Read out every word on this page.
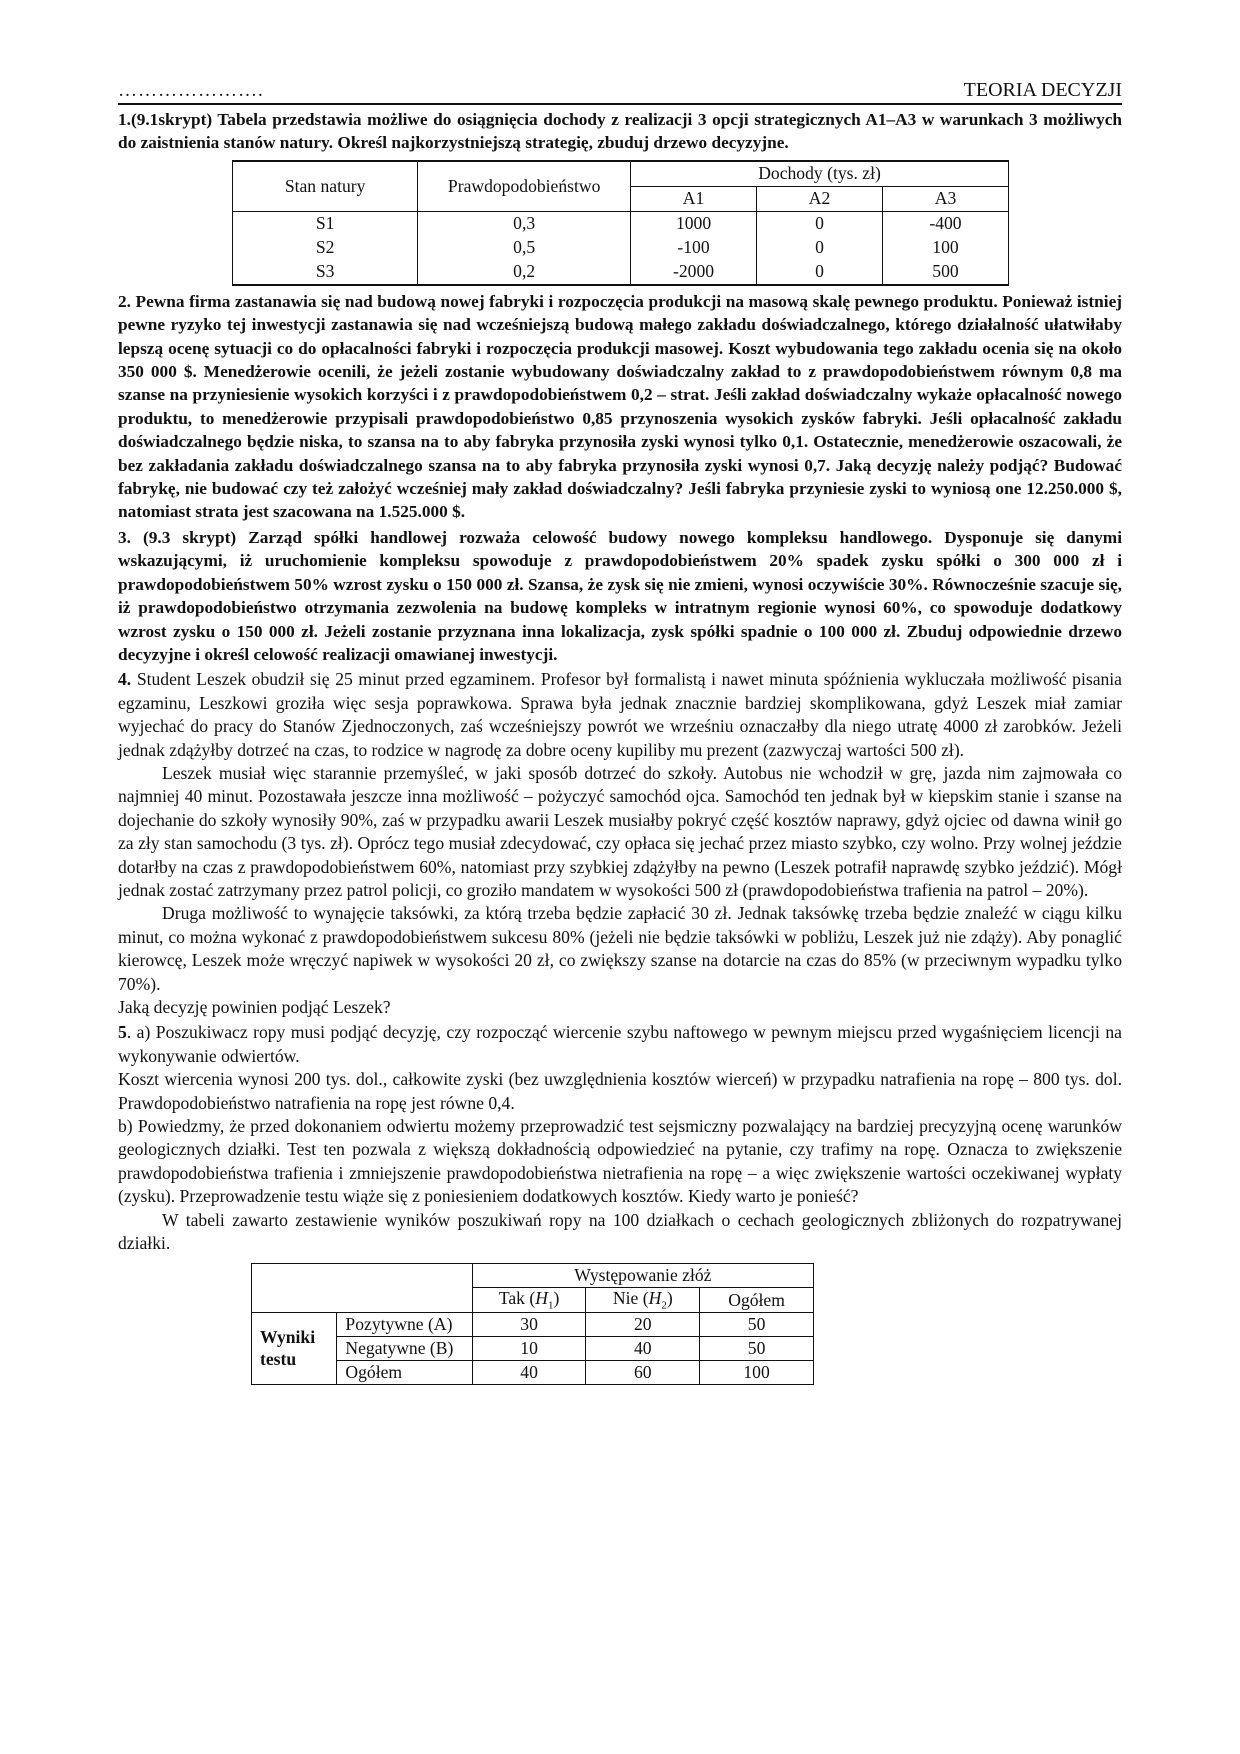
………………….	TEORIA DECYZJI

1.(9.1skrypt) Tabela przedstawia możliwe do osiągnięcia dochody z realizacji 3 opcji strategicznych A1–A3 w warunkach 3 możliwych do zaistnienia stanów natury. Określ najkorzystniejszą strategię, zbuduj drzewo decyzyjne.

Stan natury	Prawdopodobieństwo	Dochody (tys. zł)		
		A1	A2	A3
S1	0,3	1000	0	-400
S2	0,5	-100	0	100
S3	0,2	-2000	0	500

2. Pewna firma zastanawia się nad budową nowej fabryki i rozpoczęcia produkcji na masową skalę pewnego produktu. Ponieważ istniej pewne ryzyko tej inwestycji zastanawia się nad wcześniejszą budową małego zakładu doświadczalnego, którego działalność ułatwiłaby lepszą ocenę sytuacji co do opłacalności fabryki i rozpoczęcia produkcji masowej. Koszt wybudowania tego zakładu ocenia się na około 350 000 $. Menedżerowie ocenili, że jeżeli zostanie wybudowany doświadczalny zakład to z prawdopodobieństwem równym 0,8 ma szanse na przyniesienie wysokich korzyści i z prawdopodobieństwem 0,2 – strat. Jeśli zakład doświadczalny wykaże opłacalność nowego produktu, to menedżerowie przypisali prawdopodobieństwo 0,85 przynoszenia wysokich zysków fabryki. Jeśli opłacalność zakładu doświadczalnego będzie niska, to szansa na to aby fabryka przynosiła zyski wynosi tylko 0,1. Ostatecznie, menedżerowie oszacowali, że bez zakładania zakładu doświadczalnego szansa na to aby fabryka przynosiła zyski wynosi 0,7. Jaką decyzję należy podjąć? Budować fabrykę, nie budować czy też założyć wcześniej mały zakład doświadczalny? Jeśli fabryka przyniesie zyski to wyniosą one 12.250.000 $, natomiast strata jest szacowana na 1.525.000 $.

3. (9.3 skrypt) Zarząd spółki handlowej rozważa celowość budowy nowego kompleksu handlowego. Dysponuje się danymi wskazującymi, iż uruchomienie kompleksu spowoduje z prawdopodobieństwem 20% spadek zysku spółki o 300 000 zł i prawdopodobieństwem 50% wzrost zysku o 150 000 zł. Szansa, że zysk się nie zmieni, wynosi oczywiście 30%. Równocześnie szacuje się, iż prawdopodobieństwo otrzymania zezwolenia na budowę kompleks w intratnym regionie wynosi 60%, co spowoduje dodatkowy wzrost zysku o 150 000 zł. Jeżeli zostanie przyznana inna lokalizacja, zysk spółki spadnie o 100 000 zł. Zbuduj odpowiednie drzewo decyzyjne i określ celowość realizacji omawianej inwestycji.

4. Student Leszek obudził się 25 minut przed egzaminem. Profesor był formalistą i nawet minuta spóźnienia wykluczała możliwość pisania egzaminu, Leszkowi groziła więc sesja poprawkowa. Sprawa była jednak znacznie bardziej skomplikowana, gdyż Leszek miał zamiar wyjechać do pracy do Stanów Zjednoczonych, zaś wcześniejszy powrót we wrześniu oznaczałby dla niego utratę 4000 zł zarobków. Jeżeli jednak zdążyłby dotrzeć na czas, to rodzice w nagrodę za dobre oceny kupiliby mu prezent (zazwyczaj wartości 500 zł).

Leszek musiał więc starannie przemyśleć, w jaki sposób dotrzeć do szkoły. Autobus nie wchodził w grę, jazda nim zajmowała co najmniej 40 minut. Pozostawała jeszcze inna możliwość – pożyczyć samochód ojca. Samochód ten jednak był w kiepskim stanie i szanse na dojechanie do szkoły wynosiły 90%, zaś w przypadku awarii Leszek musiałby pokryć część kosztów naprawy, gdyż ojciec od dawna winił go za zły stan samochodu (3 tys. zł). Oprócz tego musiał zdecydować, czy opłaca się jechać przez miasto szybko, czy wolno. Przy wolnej jeździe dotarłby na czas z prawdopodobieństwem 60%, natomiast przy szybkiej zdążyłby na pewno (Leszek potrafił naprawdę szybko jeździć). Mógł jednak zostać zatrzymany przez patrol policji, co groziło mandatem w wysokości 500 zł (prawdopodobieństwa trafienia na patrol – 20%).

Druga możliwość to wynajęcie taksówki, za którą trzeba będzie zapłacić 30 zł. Jednak taksówkę trzeba będzie znaleźć w ciągu kilku minut, co można wykonać z prawdopodobieństwem sukcesu 80% (jeżeli nie będzie taksówki w pobliżu, Leszek już nie zdąży). Aby ponaglić kierowcę, Leszek może wręczyć napiwek w wysokości 20 zł, co zwiększy szanse na dotarcie na czas do 85% (w przeciwnym wypadku tylko 70%).

Jaką decyzję powinien podjąć Leszek?

5. a) Poszukiwacz ropy musi podjąć decyzję, czy rozpocząć wiercenie szybu naftowego w pewnym miejscu przed wygaśnięciem licencji na wykonywanie odwiertów.

Koszt wiercenia wynosi 200 tys. dol., całkowite zyski (bez uwzględnienia kosztów wierceń) w przypadku natrafienia na ropę – 800 tys. dol. Prawdopodobieństwo natrafienia na ropę jest równe 0,4.

b) Powiedzmy, że przed dokonaniem odwiertu możemy przeprowadzić test sejsmiczny pozwalający na bardziej precyzyjną ocenę warunków geologicznych działki. Test ten pozwala z większą dokładnością odpowiedzieć na pytanie, czy trafimy na ropę. Oznacza to zwiększenie prawdopodobieństwa trafienia i zmniejszenie prawdopodobieństwa nietrafienia na ropę – a więc zwiększenie wartości oczekiwanej wypłaty (zysku). Przeprowadzenie testu wiąże się z poniesieniem dodatkowych kosztów. Kiedy warto je ponieść?

W tabeli zawarto zestawienie wyników poszukiwań ropy na 100 działkach o cechach geologicznych zbliżonych do rozpatrywanej działki.

		Występowanie złóż		
		Tak $(H_1)$	Nie $(H_2)$	Ogółem
Wyniki testu	Pozytywne (A)	30	20	50
	Negatywne (B)	10	40	50
	Ogółem	40	60	100
